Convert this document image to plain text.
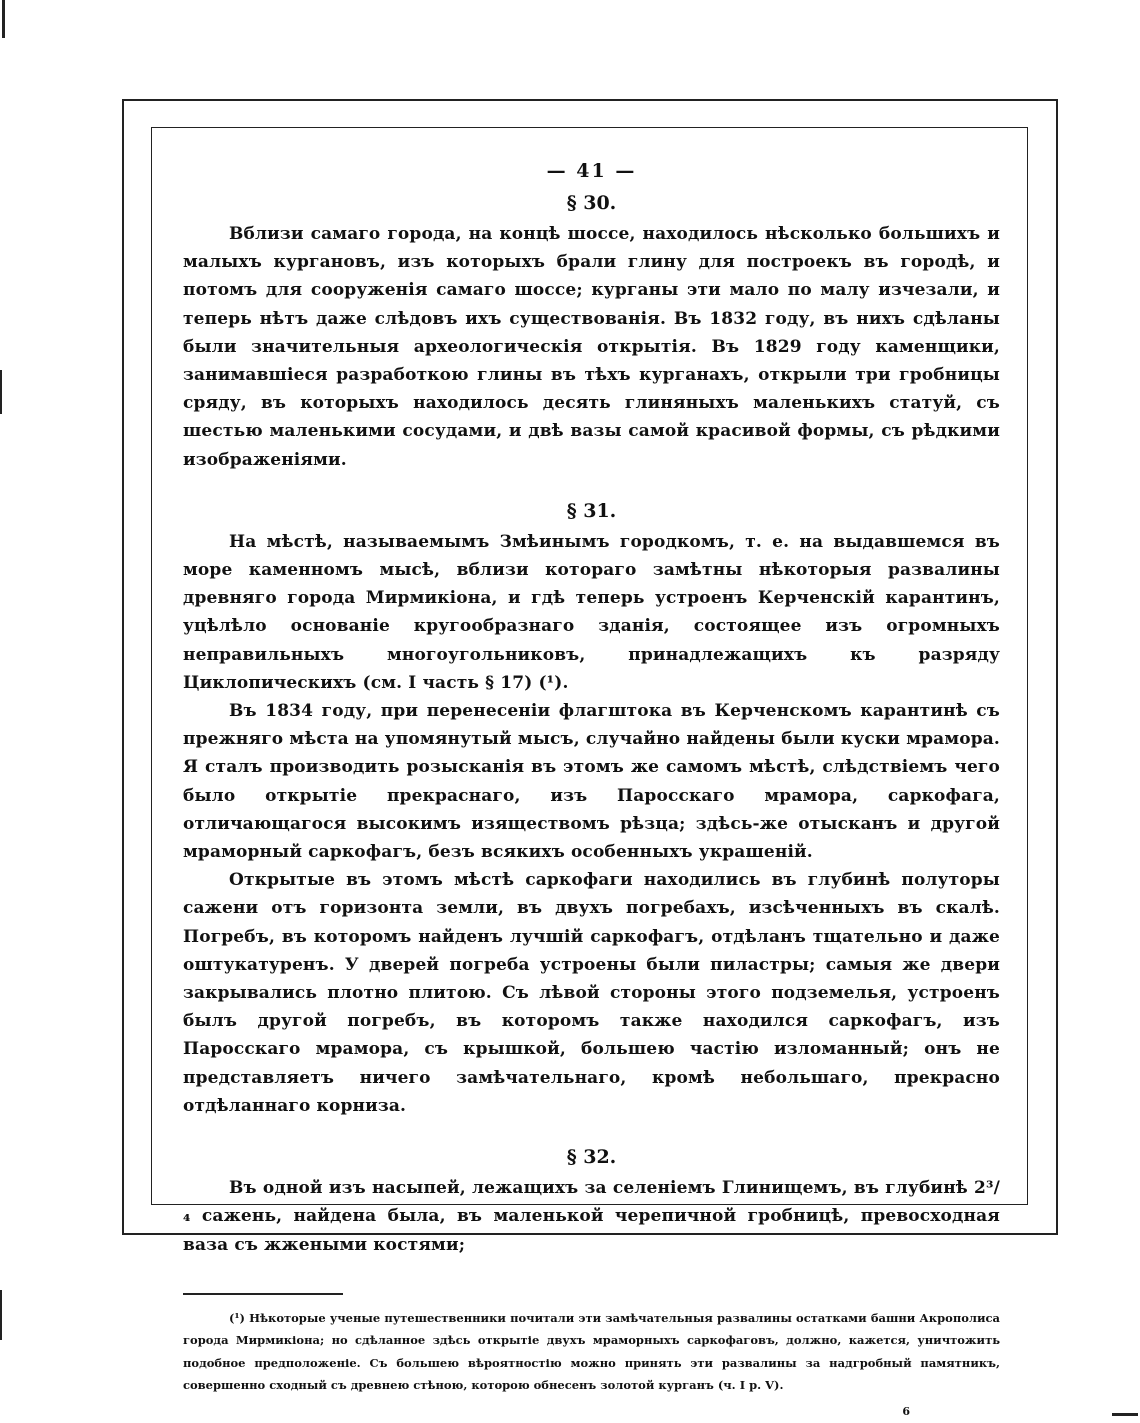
— 41 —
§ 30.

Вблизи самаго города, на концѣ шоссе, находилось нѣсколько большихъ и малыхъ кургановъ, изъ которыхъ брали глину для построекъ въ городѣ, и потомъ для сооруженія самаго шоссе; курганы эти мало по малу изчезали, и теперь нѣтъ даже слѣдовъ ихъ существованія. Въ 1832 году, въ нихъ сдѣланы были значительныя археологическія открытія. Въ 1829 году каменщики, занимавшіеся разработкою глины въ тѣхъ курганахъ, открыли три гробницы сряду, въ которыхъ находилось десять глиняныхъ маленькихъ статуй, съ шестью маленькими сосудами, и двѣ вазы самой красивой формы, съ рѣдкими изображеніями.

§ 31.

На мѣстѣ, называемымъ Змѣинымъ городкомъ, т. е. на выдавшемся въ море каменномъ мысѣ, вблизи котораго замѣтны нѣкоторыя развалины древняго города Мирмикіона, и гдѣ теперь устроенъ Керченскій карантинъ, уцѣлѣло основаніе кругообразнаго зданія, состоящее изъ огромныхъ неправильныхъ многоугольниковъ, принадлежащихъ къ разряду Циклопическихъ (см. I часть § 17) (¹).

Въ 1834 году, при перенесеніи флагштока въ Керченскомъ карантинѣ съ прежняго мѣста на упомянутый мысъ, случайно найдены были куски мрамора. Я сталъ производить розысканія въ этомъ же самомъ мѣстѣ, слѣдствіемъ чего было открытіе прекраснаго, изъ Паросскаго мрамора, саркофага, отличающагося высокимъ изяществомъ рѣзца; здѣсь-же отысканъ и другой мраморный саркофагъ, безъ всякихъ особенныхъ украшеній.

Открытые въ этомъ мѣстѣ саркофаги находились въ глубинѣ полуторы сажени отъ горизонта земли, въ двухъ погребахъ, изсѣченныхъ въ скалѣ. Погребъ, въ которомъ найденъ лучшій саркофагъ, отдѣланъ тщательно и даже оштукатуренъ. У дверей погреба устроены были пиластры; самыя же двери закрывались плотно плитою. Съ лѣвой стороны этого подземелья, устроенъ былъ другой погребъ, въ которомъ также находился саркофагъ, изъ Паросскаго мрамора, съ крышкой, большею частію изломанный; онъ не представляетъ ничего замѣчательнаго, кромѣ небольшаго, прекрасно отдѣланнаго корниза.

§ 32.

Въ одной изъ насыпей, лежащихъ за селеніемъ Глинищемъ, въ глубинѣ 2³/₄ сажень, найдена была, въ маленькой черепичной гробницѣ, превосходная ваза съ жжеными костями;

(¹) Нѣкоторые ученые путешественники почитали эти замѣчательныя развалины остатками башни Акрополиса города Мирмикіона; но сдѣланное здѣсь открытіе двухъ мраморныхъ саркофаговъ, должно, кажется, уничтожить подобное предположеніе. Съ большею вѣроятностію можно принять эти развалины за надгробный памятникъ, совершенно сходный съ древнею стѣною, которою обнесенъ золотой курганъ (ч. I р. V).

6
